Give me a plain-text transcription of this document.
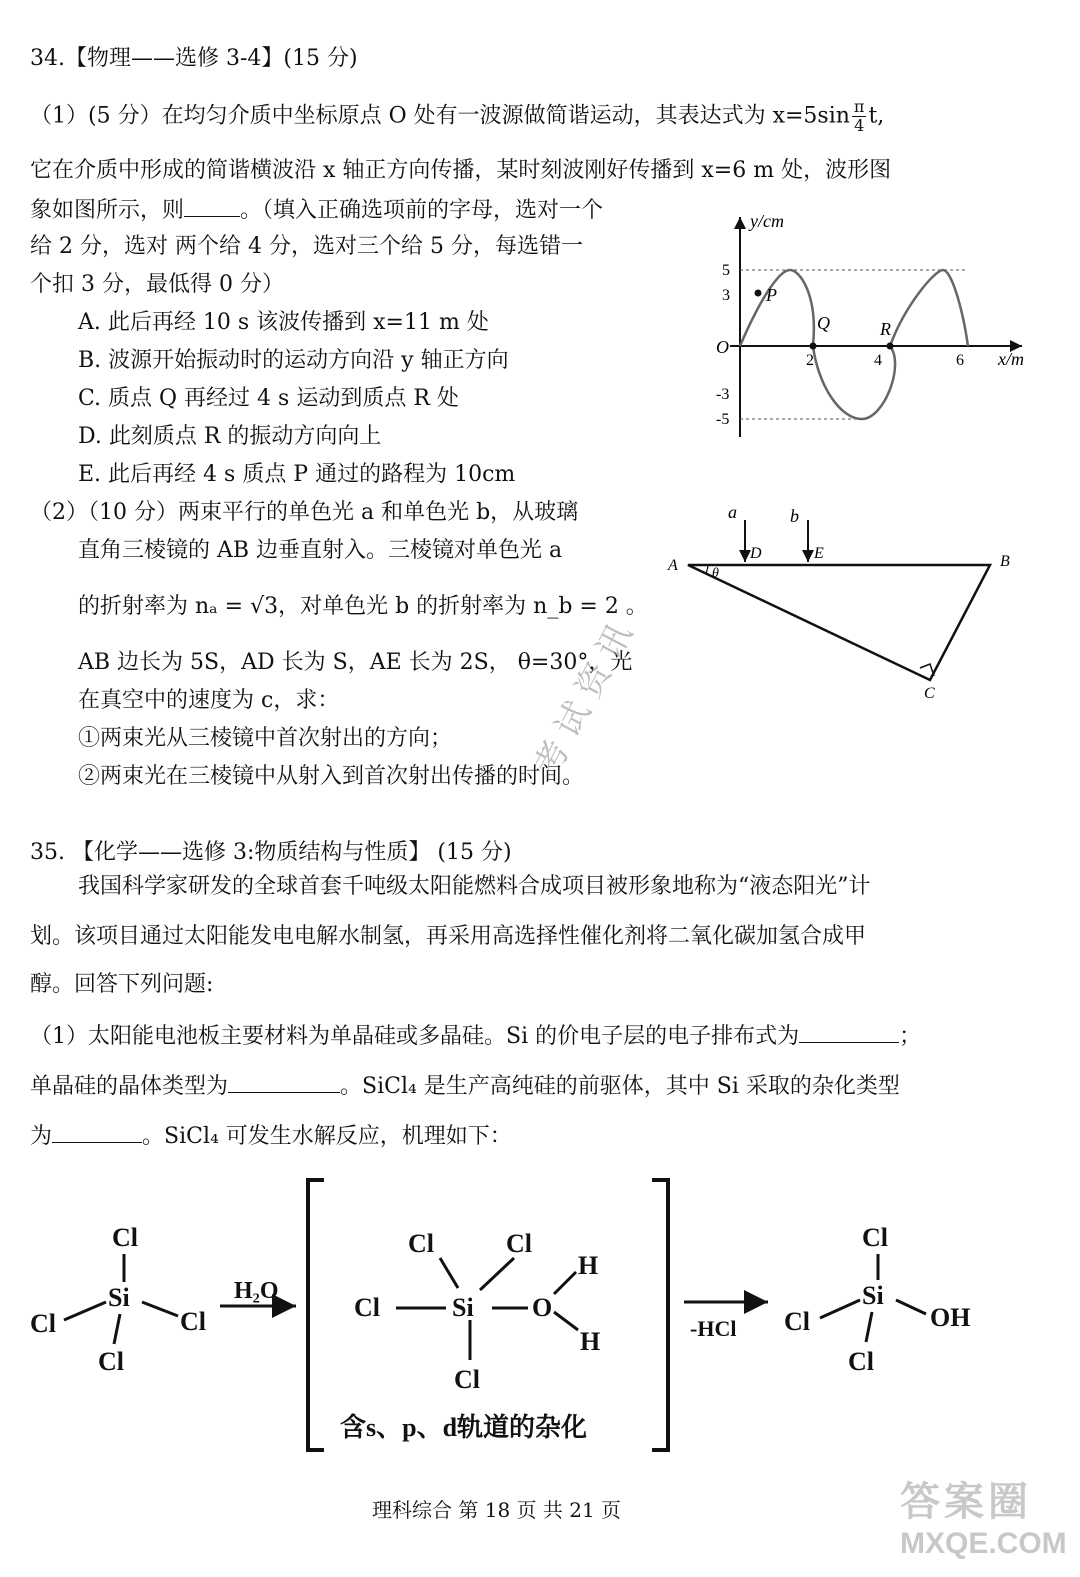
34.【物理——选修 3-4】(15 分)
（1）(5 分）在均匀介质中坐标原点 O 处有一波源做简谐运动，其表达式为 $x=5\sin \frac{\pi}{4} t$,
它在介质中形成的简谐横波沿 x 轴正方向传播，某时刻波刚好传播到 x=6 m 处，波形图
象如图所示，则	。（填入正确选项前的字母，选对一个
给 2 分，选对 两个给 4 分，选对三个给 5 分，每选错一
个扣 3 分，最低得 0 分）
A. 此后再经 10 s 该波传播到 x=11 m 处
B. 波源开始振动时的运动方向沿 y 轴正方向
C. 质点 Q 再经过 4 s 运动到质点 R 处
D. 此刻质点 R 的振动方向向上
E. 此后再经 4 s 质点 P 通过的路程为 10cm
y/cm
x/m
O
5
3
-3
-5
2	4	6
P
Q	R
（2）（10 分）两束平行的单色光 a 和单色光 b，从玻璃
直角三棱镜的 AB 边垂直射入。三棱镜对单色光 a
的折射率为 nₐ = √3，对单色光 b 的折射率为 n_b = 2 。
AB 边长为 5S，AD 长为 S，AE 长为 2S， θ=30°，光
在真空中的速度为 c，求：
①两束光从三棱镜中首次射出的方向；
②两束光在三棱镜中从射入到首次射出传播的时间。
θ
a	b
A	B
C
D	E
考试资讯
35. 【化学——选修 3:物质结构与性质】 (15 分)
我国科学家研发的全球首套千吨级太阳能燃料合成项目被形象地称为“液态阳光”计
划。该项目通过太阳能发电电解水制氢，再采用高选择性催化剂将二氧化碳加氢合成甲
醇。回答下列问题:
（1）太阳能电池板主要材料为单晶硅或多晶硅。Si 的价电子层的电子排布式为	；
单晶硅的晶体类型为	。SiCl₄ 是生产高纯硅的前驱体，其中 Si 采取的杂化类型
为	。SiCl₄ 可发生水解反应，机理如下：
Cl
Si
Cl	Cl
Cl
H₂O
Cl	Cl
Cl	Si O
H
H
Cl
含s、p、d轨道的杂化
-HCl
Cl
Si
Cl	OH
Cl
理科综合 第 18 页 共 21 页	答案圈
MXQE.COM
